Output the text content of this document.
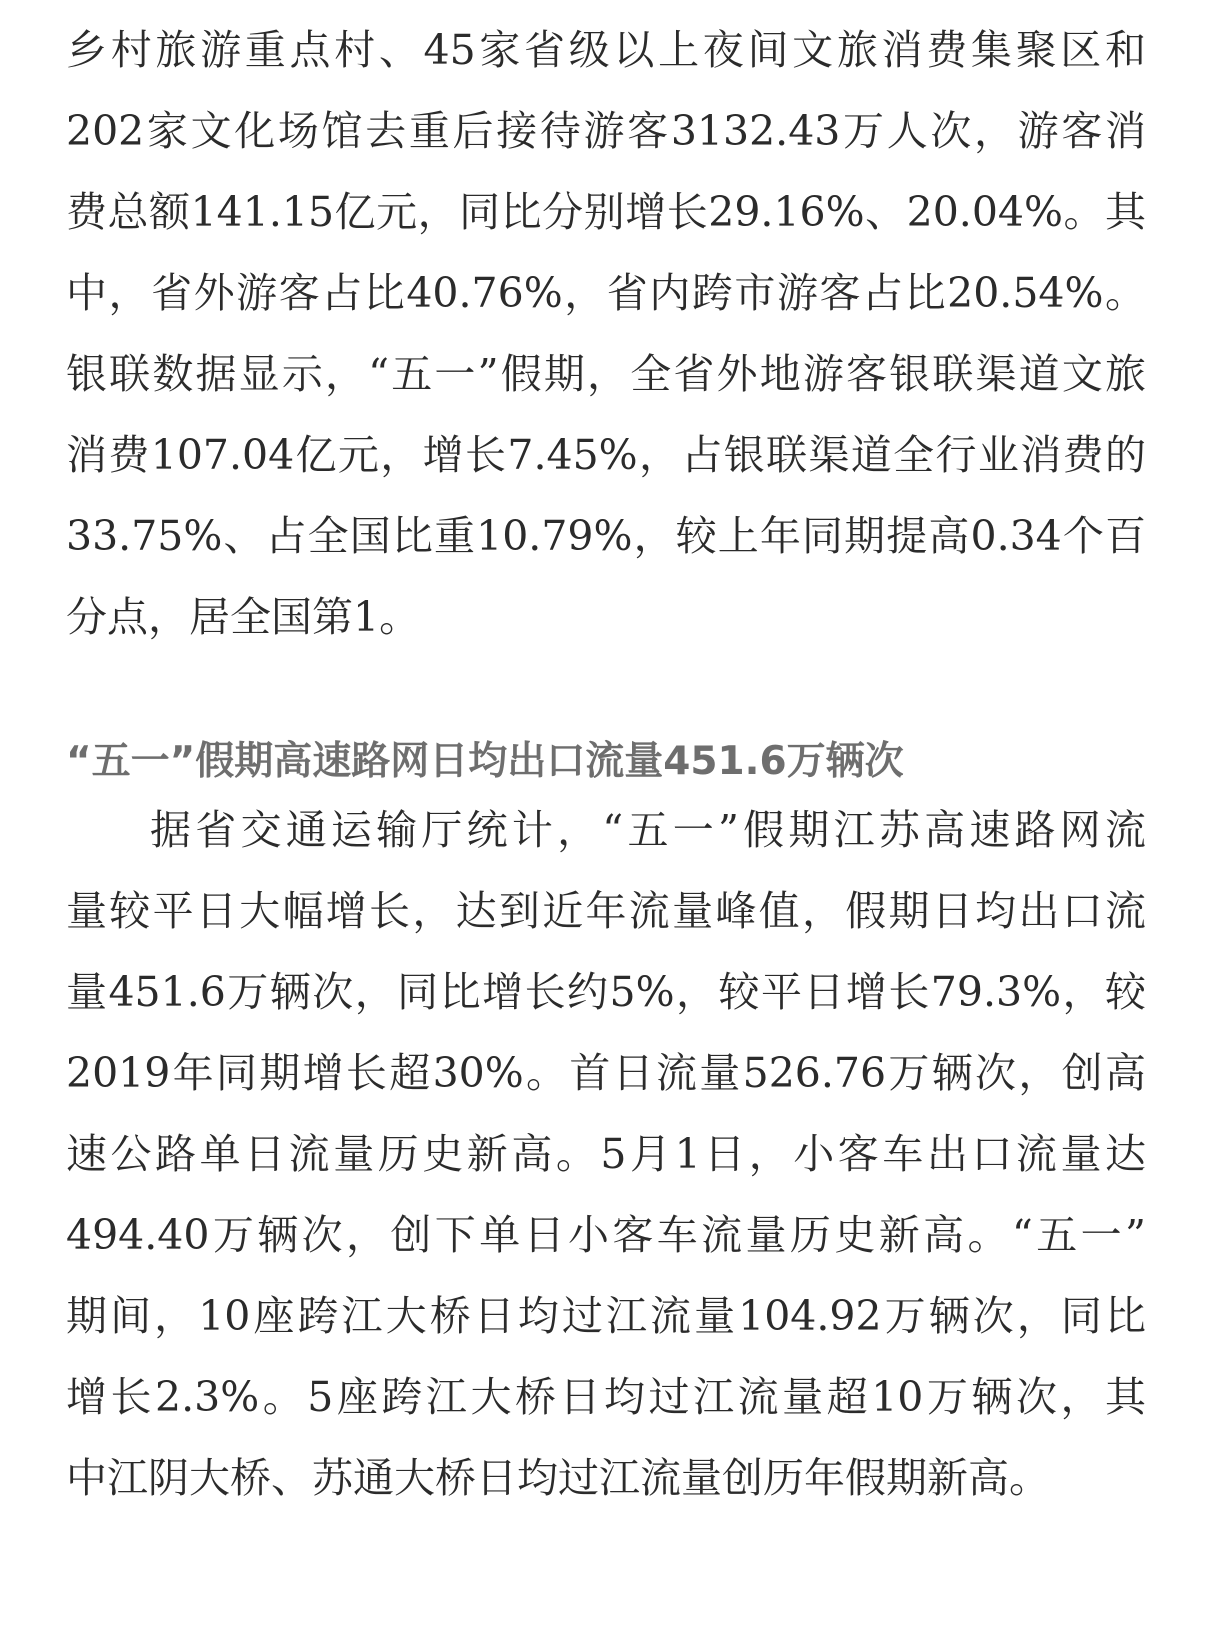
乡村旅游重点村、45家省级以上夜间文旅消费集聚区和
202家文化场馆去重后接待游客3132.43万人次，游客消
费总额141.15亿元，同比分别增长29.16%、20.04%。其
中，省外游客占比40.76%，省内跨市游客占比20.54%。
银联数据显示，“五一”假期，全省外地游客银联渠道文旅
消费107.04亿元，增长7.45%，占银联渠道全行业消费的
33.75%、占全国比重10.79%，较上年同期提高0.34个百
分点，居全国第1。
“五一”假期高速路网日均出口流量451.6万辆次
据省交通运输厅统计，“五一”假期江苏高速路网流
量较平日大幅增长，达到近年流量峰值，假期日均出口流
量451.6万辆次，同比增长约5%，较平日增长79.3%，较
2019年同期增长超30%。首日流量526.76万辆次，创高
速公路单日流量历史新高。5月1日，小客车出口流量达
494.40万辆次，创下单日小客车流量历史新高。“五一”
期间，10座跨江大桥日均过江流量104.92万辆次，同比
增长2.3%。5座跨江大桥日均过江流量超10万辆次，其
中江阴大桥、苏通大桥日均过江流量创历年假期新高。
